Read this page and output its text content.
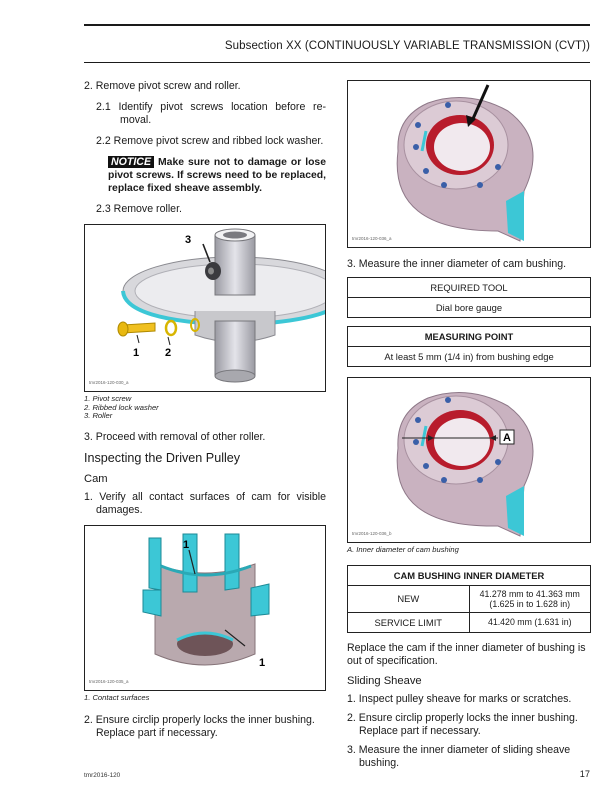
Subsection XX (CONTINUOUSLY VARIABLE TRANSMISSION (CVT))

2. Remove pivot screw and roller.

2.1 Identify pivot screws location before re-moval.

2.2 Remove pivot screw and ribbed lock washer.

NOTICE Make sure not to damage or lose pivot screws. If screws need to be replaced, replace fixed sheave assembly.

2.3 Remove roller.

3
1 2
tmr2016-120-030_a
1. Pivot screw
2. Ribbed lock washer
3. Roller

3. Proceed with removal of other roller.

Inspecting the Driven Pulley
Cam

1. Verify all contact surfaces of cam for visible damages.

1
1
tmr2016-120-035_a
1. Contact surfaces

2. Ensure circlip properly locks the inner bushing. Replace part if necessary.

tmr2016-120-036_a

3. Measure the inner diameter of cam bushing.

REQUIRED TOOL
Dial bore gauge
MEASURING POINT
At least 5 mm (1/4 in) from bushing edge
A
tmr2016-120-036_b
A. Inner diameter of cam bushing
CAM BUSHING INNER DIAMETER	
NEW	41.278 mm to 41.363 mm
(1.625 in to 1.628 in)

SERVICE LIMIT	41.420 mm (1.631 in)

Replace the cam if the inner diameter of bushing is out of specification.

Sliding Sheave

1. Inspect pulley sheave for marks or scratches.

2. Ensure circlip properly locks the inner bushing. Replace part if necessary.

3. Measure the inner diameter of sliding sheave bushing.

tmr2016-120	17
